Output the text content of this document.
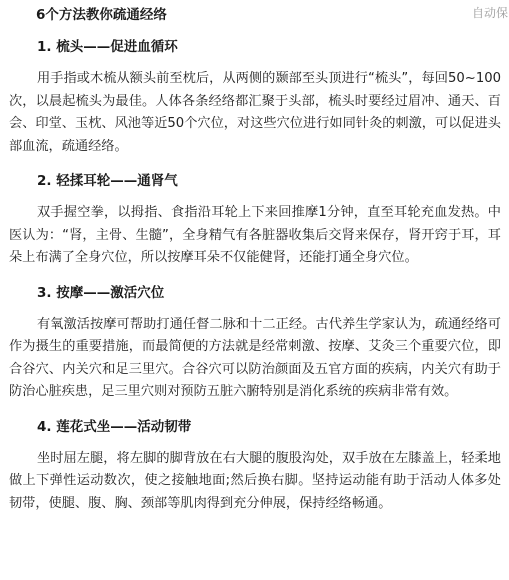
6个方法教你疏通经络	自动保
1. 梳头——促进血循环

用手指或木梳从额头前至枕后，从两侧的颞部至头顶进行“梳头”，每回50~100次，以晨起梳头为最佳。人体各条经络都汇聚于头部，梳头时要经过眉冲、通天、百会、印堂、玉枕、风池等近50个穴位，对这些穴位进行如同针灸的刺激，可以促进头部血流，疏通经络。

2. 轻揉耳轮——通肾气

双手握空拳，以拇指、食指沿耳轮上下来回推摩1分钟，直至耳轮充血发热。中医认为：“肾，主骨、生髓”，全身精气有各脏器收集后交肾来保存，肾开窍于耳，耳朵上布满了全身穴位，所以按摩耳朵不仅能健肾，还能打通全身穴位。

3. 按摩——激活穴位

有氧激活按摩可帮助打通任督二脉和十二正经。古代养生学家认为，疏通经络可作为摄生的重要措施，而最简便的方法就是经常刺激、按摩、艾灸三个重要穴位，即合谷穴、内关穴和足三里穴。合谷穴可以防治颜面及五官方面的疾病，内关穴有助于防治心脏疾患，足三里穴则对预防五脏六腑特别是消化系统的疾病非常有效。

4. 莲花式坐——活动韧带

坐时屈左腿，将左脚的脚背放在右大腿的腹股沟处，双手放在左膝盖上，轻柔地做上下弹性运动数次，使之接触地面;然后换右脚。坚持运动能有助于活动人体多处韧带，使腿、腹、胸、颈部等肌肉得到充分伸展，保持经络畅通。
